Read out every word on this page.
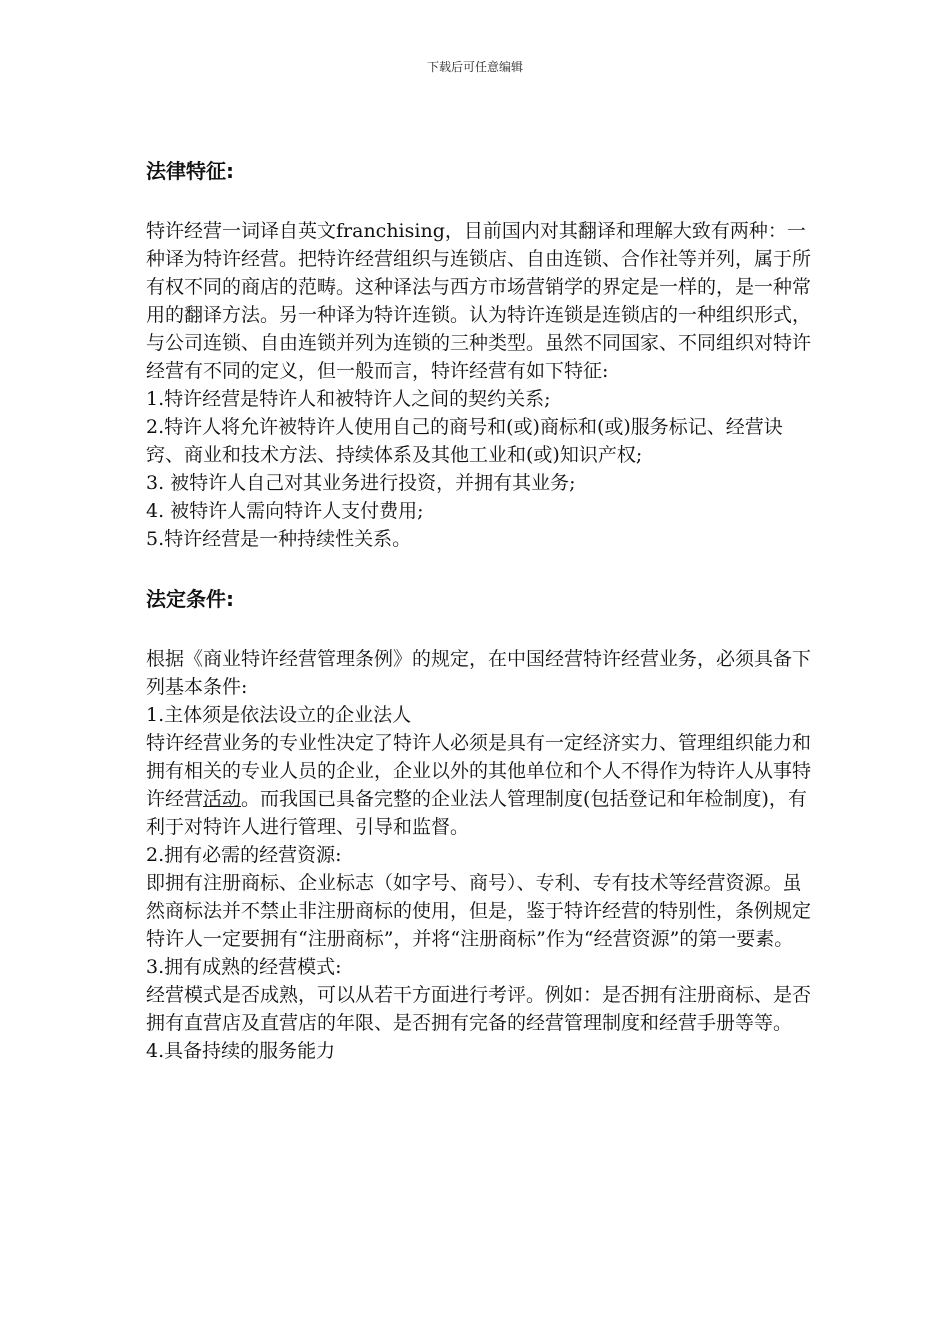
下载后可任意编辑
法律特征:

特许经营一词译自英文franchising，目前国内对其翻译和理解大致有两种：一种译为特许经营。把特许经营组织与连锁店、自由连锁、合作社等并列，属于所有权不同的商店的范畴。这种译法与西方市场营销学的界定是一样的，是一种常用的翻译方法。另一种译为特许连锁。认为特许连锁是连锁店的一种组织形式，与公司连锁、自由连锁并列为连锁的三种类型。虽然不同国家、不同组织对特许经营有不同的定义，但一般而言，特许经营有如下特征:

1.特许经营是特许人和被特许人之间的契约关系;

2.特许人将允许被特许人使用自己的商号和(或)商标和(或)服务标记、经营诀窍、商业和技术方法、持续体系及其他工业和(或)知识产权;

3. 被特许人自己对其业务进行投资，并拥有其业务;

4. 被特许人需向特许人支付费用;

5.特许经营是一种持续性关系。

法定条件:

根据《商业特许经营管理条例》的规定，在中国经营特许经营业务，必须具备下列基本条件:

1.主体须是依法设立的企业法人

特许经营业务的专业性决定了特许人必须是具有一定经济实力、管理组织能力和拥有相关的专业人员的企业，企业以外的其他单位和个人不得作为特许人从事特许经营活动。而我国已具备完整的企业法人管理制度(包括登记和年检制度)，有利于对特许人进行管理、引导和监督。

2.拥有必需的经营资源:

即拥有注册商标、企业标志（如字号、商号）、专利、专有技术等经营资源。虽然商标法并不禁止非注册商标的使用，但是，鉴于特许经营的特别性，条例规定特许人一定要拥有“注册商标”，并将“注册商标”作为“经营资源”的第一要素。

3.拥有成熟的经营模式:

经营模式是否成熟，可以从若干方面进行考评。例如：是否拥有注册商标、是否拥有直营店及直营店的年限、是否拥有完备的经营管理制度和经营手册等等。

4.具备持续的服务能力
